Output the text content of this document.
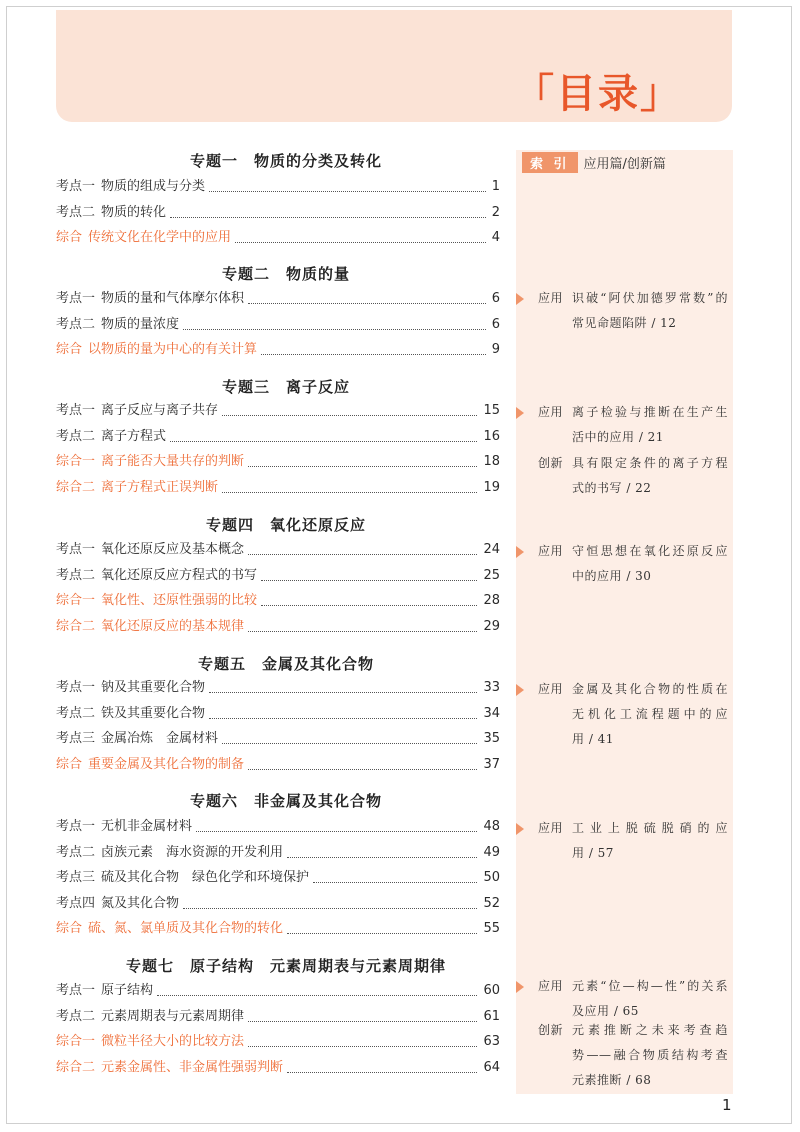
「目录」
索 引 应用篇/创新篇
专题一　物质的分类及转化
考点一 物质的组成与分类	1
考点二 物质的转化	2
综合 传统文化在化学中的应用	4
专题二　物质的量
考点一 物质的量和气体摩尔体积	6
考点二 物质的量浓度	6
综合 以物质的量为中心的有关计算	9
专题三　离子反应
考点一 离子反应与离子共存	15
考点二 离子方程式	16
综合一 离子能否大量共存的判断	18
综合二 离子方程式正误判断	19
专题四　氧化还原反应
考点一 氧化还原反应及基本概念	24
考点二 氧化还原反应方程式的书写	25
综合一 氧化性、还原性强弱的比较	28
综合二 氧化还原反应的基本规律	29
专题五　金属及其化合物
考点一 钠及其重要化合物	33
考点二 铁及其重要化合物	34
考点三 金属冶炼　金属材料	35
综合 重要金属及其化合物的制备	37
专题六　非金属及其化合物
考点一 无机非金属材料	48
考点二 卤族元素　海水资源的开发利用	49
考点三 硫及其化合物　绿色化学和环境保护	50
考点四 氮及其化合物	52
综合 硫、氮、氯单质及其化合物的转化	55
专题七　原子结构　元素周期表与元素周期律
考点一 原子结构	60
考点二 元素周期表与元素周期律	61
综合一 微粒半径大小的比较方法	63
综合二 元素金属性、非金属性强弱判断	64
应用 识破“阿伏加德罗常数”的
常见命题陷阱 / 12
应用 离子检验与推断在生产生
活中的应用 / 21
创新 具有限定条件的离子方程
式的书写 / 22
应用 守恒思想在氧化还原反应
中的应用 / 30
应用 金属及其化合物的性质在
无机化工流程题中的应
用 / 41
应用 工业上脱硫脱硝的应
用 / 57
应用 元素“位—构—性”的关系
及应用 / 65
创新 元素推断之未来考查趋
势——融合物质结构考查
元素推断 / 68
1
